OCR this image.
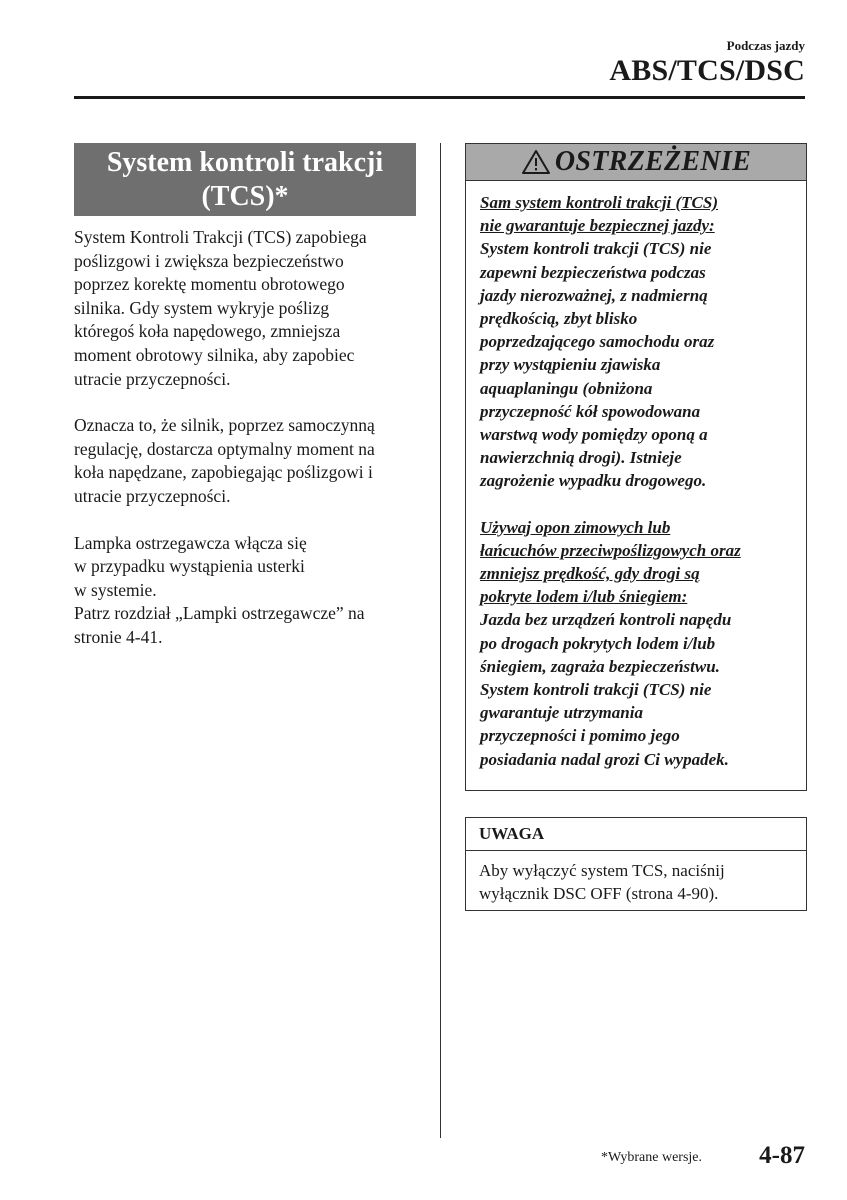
Podczas jazdy
ABS/TCS/DSC
System kontroli trakcji
(TCS)*

System Kontroli Trakcji (TCS) zapobiega
poślizgowi i zwiększa bezpieczeństwo
poprzez korektę momentu obrotowego
silnika. Gdy system wykryje poślizg
któregoś koła napędowego, zmniejsza
moment obrotowy silnika, aby zapobiec
utracie przyczepności.

Oznacza to, że silnik, poprzez samoczynną
regulację, dostarcza optymalny moment na
koła napędzane, zapobiegając poślizgowi i
utracie przyczepności.

Lampka ostrzegawcza włącza się
w przypadku wystąpienia usterki
w systemie.
Patrz rozdział „Lampki ostrzegawcze” na
stronie 4-41.

OSTRZEŻENIE

Sam system kontroli trakcji (TCS)
nie gwarantuje bezpiecznej jazdy:
System kontroli trakcji (TCS) nie
zapewni bezpieczeństwa podczas
jazdy nierozważnej, z nadmierną
prędkością, zbyt blisko
poprzedzającego samochodu oraz
przy wystąpieniu zjawiska
aquaplaningu (obniżona
przyczepność kół spowodowana
warstwą wody pomiędzy oponą a
nawierzchnią drogi). Istnieje
zagrożenie wypadku drogowego.

Używaj opon zimowych lub
łańcuchów przeciwpoślizgowych oraz
zmniejsz prędkość, gdy drogi są
pokryte lodem i/lub śniegiem:
Jazda bez urządzeń kontroli napędu
po drogach pokrytych lodem i/lub
śniegiem, zagraża bezpieczeństwu.
System kontroli trakcji (TCS) nie
gwarantuje utrzymania
przyczepności i pomimo jego
posiadania nadal grozi Ci wypadek.

UWAGA
Aby wyłączyć system TCS, naciśnij
wyłącznik DSC OFF (strona 4-90).
*Wybrane wersje. 4-87
